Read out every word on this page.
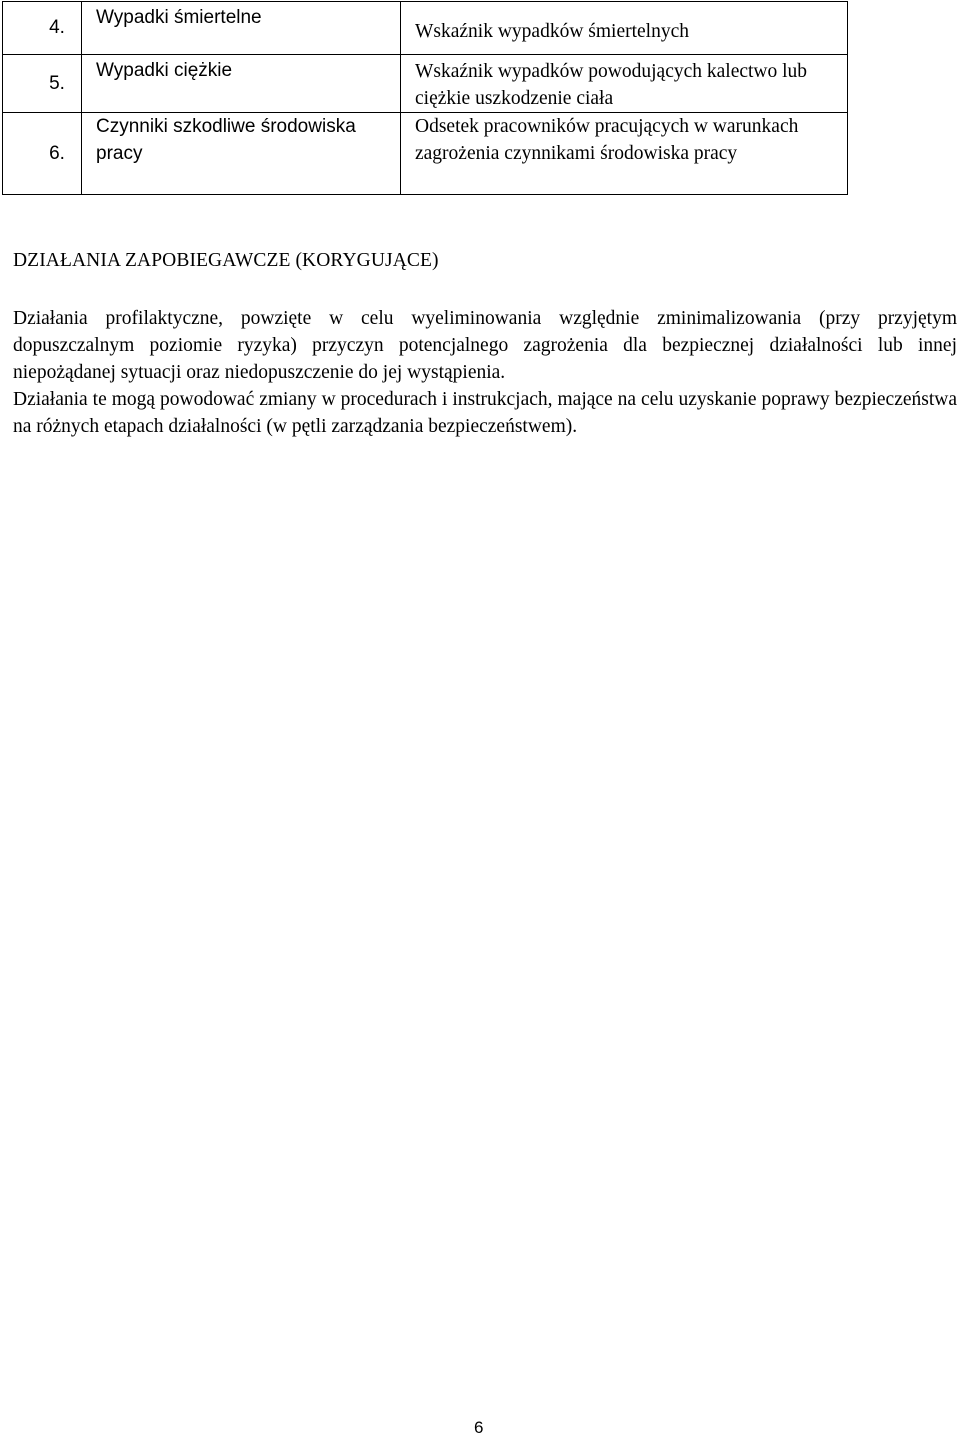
4.	Wypadki śmiertelne	Wskaźnik wypadków śmiertelnych

5.	Wypadki ciężkie	Wskaźnik wypadków powodujących kalectwo lub ciężkie uszkodzenie ciała

6.	Czynniki szkodliwe środowiska pracy	Odsetek pracowników pracujących w warunkach zagrożenia czynnikami środowiska pracy
DZIAŁANIA ZAPOBIEGAWCZE (KORYGUJĄCE)

Działania profilaktyczne, powzięte w celu wyeliminowania względnie zminimalizowania (przy przyjętym dopuszczalnym poziomie ryzyka) przyczyn potencjalnego zagrożenia dla bezpiecznej działalności lub innej niepożądanej sytuacji oraz niedopuszczenie do jej wystąpienia.

Działania te mogą powodować zmiany w procedurach i instrukcjach, mające na celu uzyskanie poprawy bezpieczeństwa na różnych etapach działalności (w pętli zarządzania bezpieczeństwem).

6
